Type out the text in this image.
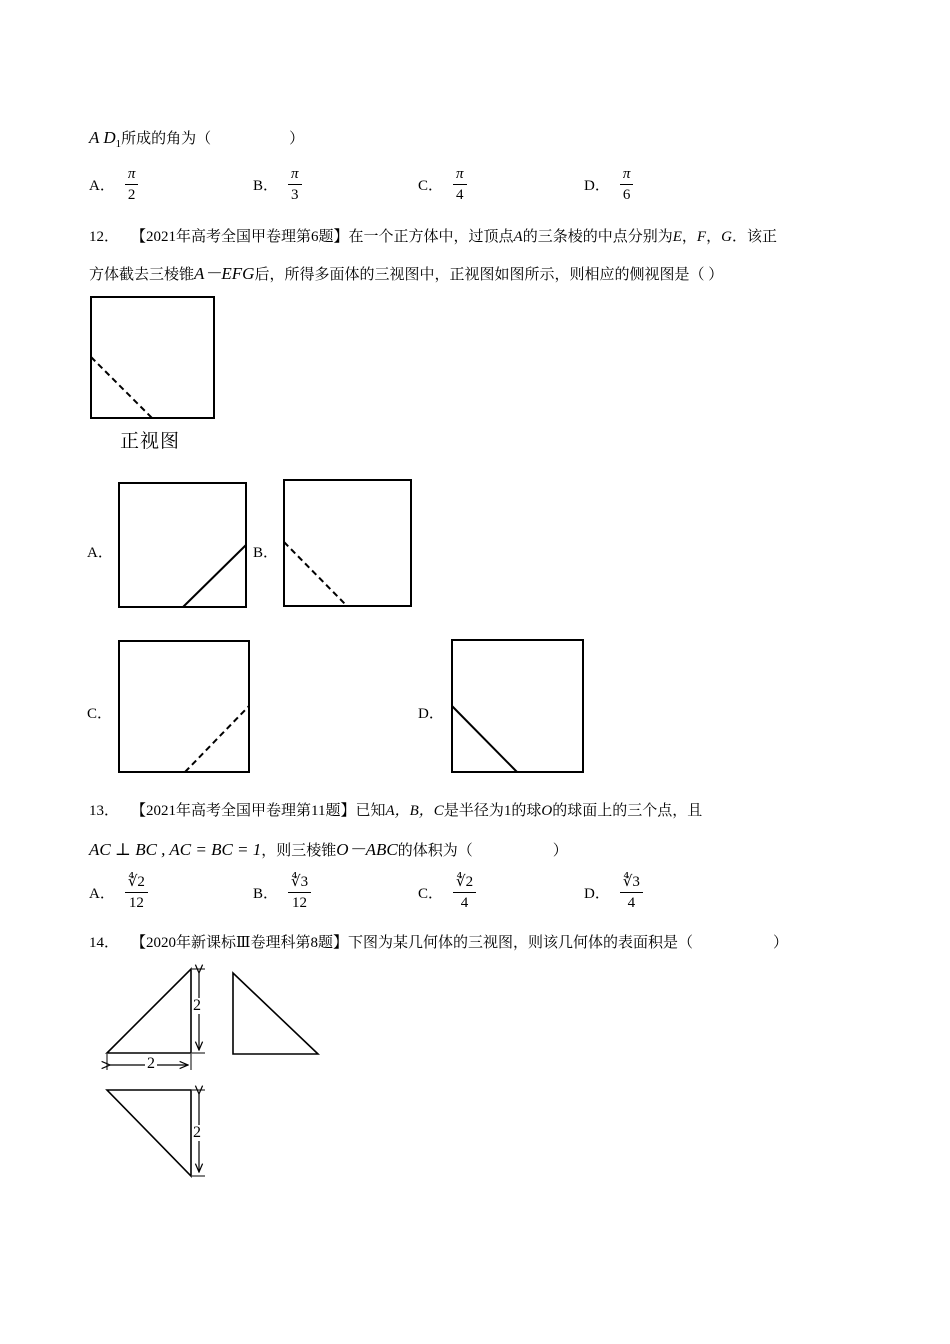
A $D_1$所成的角为（	）
A． $\frac{\pi}{2}$	B． $\frac{\pi}{3}$	C． $\frac{\pi}{4}$	D． $\frac{\pi}{6}$
12． 【2021年高考全国甲卷理第6题】在一个正方体中，过顶点A的三条棱的中点分别为E，F，G．该正
方体截去三棱锥A－EFG后，所得多面体的三视图中，正视图如图所示，则相应的侧视图是（ ）
正视图
A．	B．
C．	D．
13． 【2021年高考全国甲卷理第11题】已知A，B，C是半径为1的球O的球面上的三个点，且
AC ⊥ BC , AC = BC = 1，则三棱锥O－ABC的体积为（	）
A． $\frac{∜2}{12}$	B． $\frac{∜3}{12}$	C． $\frac{∜2}{4}$	D． $\frac{∜3}{4}$
14． 【2020年新课标Ⅲ卷理科第8题】下图为某几何体的三视图，则该几何体的表面积是（	）
2
2
2
